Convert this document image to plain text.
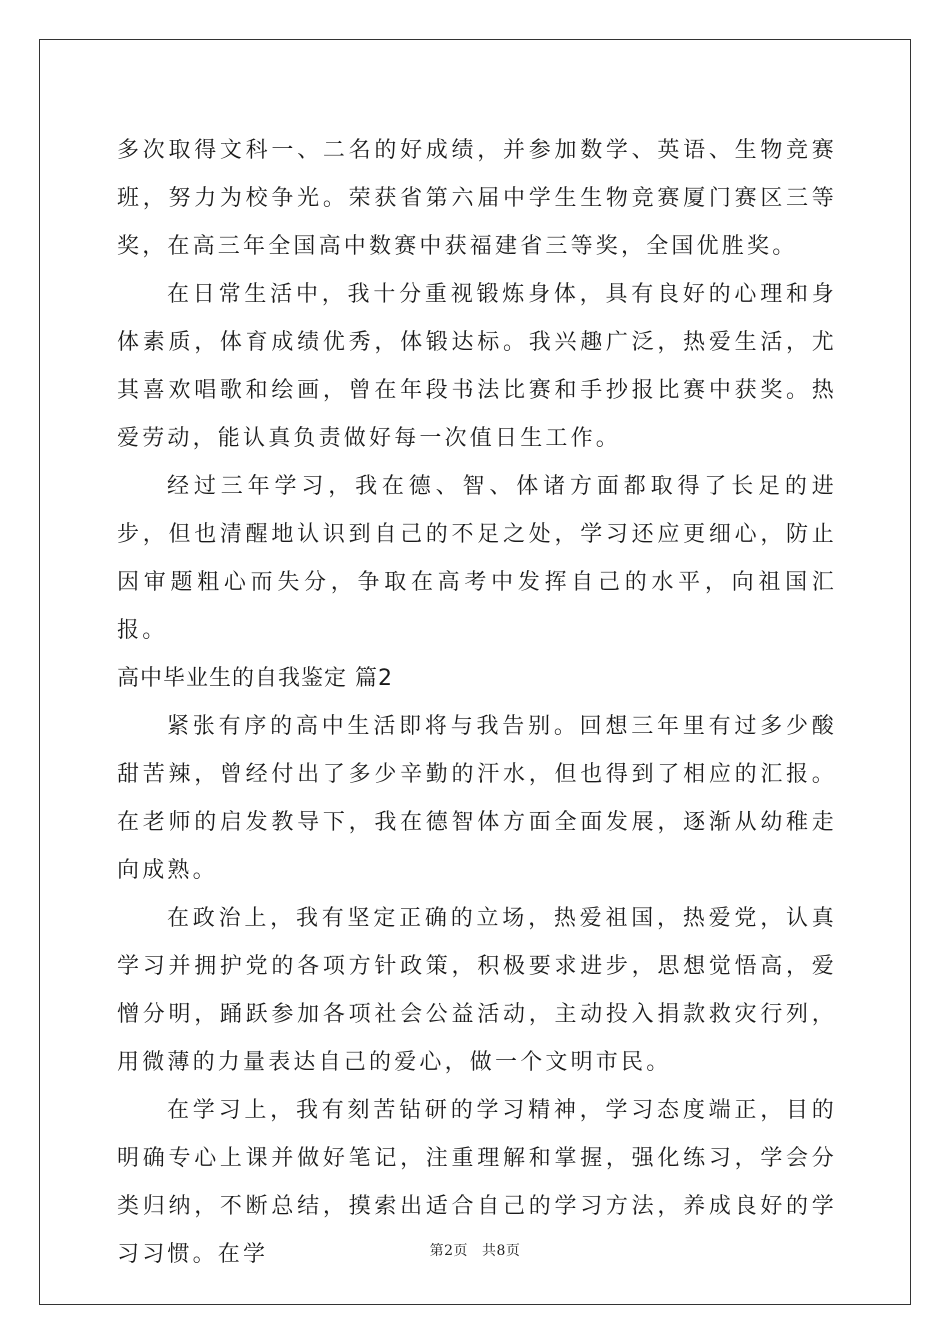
多次取得文科一、二名的好成绩，并参加数学、英语、生物竞赛班，努力为校争光。荣获省第六届中学生生物竞赛厦门赛区三等奖，在高三年全国高中数赛中获福建省三等奖，全国优胜奖。

在日常生活中，我十分重视锻炼身体，具有良好的心理和身体素质，体育成绩优秀，体锻达标。我兴趣广泛，热爱生活，尤其喜欢唱歌和绘画，曾在年段书法比赛和手抄报比赛中获奖。热爱劳动，能认真负责做好每一次值日生工作。

经过三年学习，我在德、智、体诸方面都取得了长足的进步，但也清醒地认识到自己的不足之处，学习还应更细心，防止因审题粗心而失分，争取在高考中发挥自己的水平，向祖国汇报。

高中毕业生的自我鉴定 篇2

紧张有序的高中生活即将与我告别。回想三年里有过多少酸甜苦辣，曾经付出了多少辛勤的汗水，但也得到了相应的汇报。在老师的启发教导下，我在德智体方面全面发展，逐渐从幼稚走向成熟。

在政治上，我有坚定正确的立场，热爱祖国，热爱党，认真学习并拥护党的各项方针政策，积极要求进步，思想觉悟高，爱憎分明，踊跃参加各项社会公益活动，主动投入捐款救灾行列，用微薄的力量表达自己的爱心，做一个文明市民。

在学习上，我有刻苦钻研的学习精神，学习态度端正，目的明确专心上课并做好笔记，注重理解和掌握，强化练习，学会分类归纳，不断总结，摸索出适合自己的学习方法，养成良好的学习习惯。在学	第2页 共8页
